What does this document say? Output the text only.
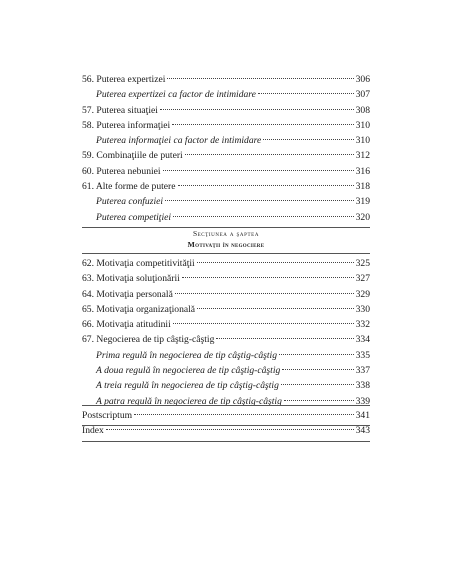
56. Puterea expertizei	306
Puterea expertizei ca factor de intimidare	307
57. Puterea situaţiei	308
58. Puterea informaţiei	310
Puterea informaţiei ca factor de intimidare	310
59. Combinaţiile de puteri	312
60. Puterea nebuniei	316
61. Alte forme de putere	318
Puterea confuziei	319
Puterea competiţiei	320
Secţiunea a şaptea
Motivaţii în negociere
62. Motivaţia competitivităţii	325
63. Motivaţia soluţionării	327
64. Motivaţia personală	329
65. Motivaţia organizaţională	330
66. Motivaţia atitudinii	332
67. Negocierea de tip câştig-câştig	334
Prima regulă în negocierea de tip câştig-câştig	335
A doua regulă în negocierea de tip câştig-câştig	337
A treia regulă în negocierea de tip câştig-câştig	338
A patra regulă în negocierea de tip câştig-câştig	339
Postscriptum	341
Index	343
